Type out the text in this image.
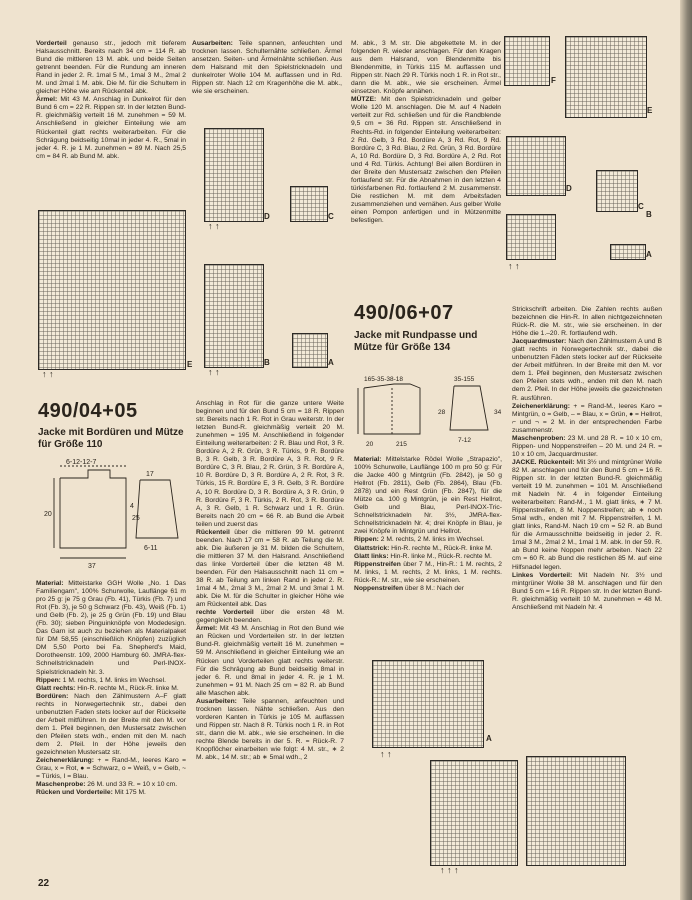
Vorderteil genauso str., jedoch mit tieferem Halsausschnitt. Bereits nach 34 cm = 114 R. ab Bund die mittleren 13 M. abk. und beide Seiten getrennt beenden. Für die Rundung am inneren Rand in jeder 2. R. 1mal 5 M., 1mal 3 M., 2mal 2 M. und 2mal 1 M. abk. Die M. für die Schultern in gleicher Höhe wie am Rückenteil abk.

Ärmel: Mit 43 M. Anschlag in Dunkelrot für den Bund 6 cm = 22 R. Rippen str. In der letzten Bund-R. gleichmäßig verteilt 16 M. zunehmen = 59 M. Anschließend in gleicher Einteilung wie am Rückenteil glatt rechts weiterarbeiten. Für die Schrägung beidseitig 10mal in jeder 4. R., 5mal in jeder 4. R. je 1 M. zunehmen = 89 M. Nach 25,5 cm = 84 R. ab Bund M. abk.

E
↑ ↑

Ausarbeiten: Teile spannen, anfeuchten und trocknen lassen. Schulternähte schließen. Ärmel ansetzen. Seiten- und Ärmelnähte schließen. Aus dem Halsrand mit den Spielstricknadeln und dunkelroter Wolle 104 M. auffassen und in Rd. Rippen str. Nach 12 cm Kragenhöhe die M. abk., wie sie erscheinen.

D	C
↑ ↑
B	A
↑ ↑

M. abk., 3 M. str. Die abgekettete M. in der folgenden R. wieder anschlagen. Für den Kragen aus dem Halsrand, von Blendenmitte bis Blendenmitte, in Türkis 115 M. auffassen und Rippen str. Nach 29 R. Türkis noch 1 R. in Rot str., dann die M. abk., wie sie erscheinen. Ärmel einsetzen. Knöpfe annähen.

MÜTZE: Mit den Spielstricknadeln und gelber Wolle 120 M. anschlagen. Die M. auf 4 Nadeln verteilt zur Rd. schließen und für die Randblende 9,5 cm = 36 Rd. Rippen str. Anschließend in Rechts-Rd. in folgender Einteilung weiterarbeiten: 2 Rd. Gelb, 3 Rd. Bordüre A, 3 Rd. Rot, 9 Rd. Bordüre C, 3 Rd. Blau, 2 Rd. Grün, 3 Rd. Bordüre A, 10 Rd. Bordüre D, 3 Rd. Bordüre A, 2 Rd. Rot und 4 Rd. Türkis. Achtung! Bei allen Bordüren in der Breite den Mustersatz zwischen den Pfeilen fortlaufend str. Für die Abnahmen in den letzten 4 türkisfarbenen Rd. fortlaufend 2 M. zusammenstr. Die restlichen M. mit dem Arbeitsfaden zusammenziehen und vernähen. Aus gelber Wolle einen Pompon anfertigen und in Mützenmitte befestigen.

F
E
D
C
B
A
↑ ↑
490/04+05
Jacke mit Bordüren und Mütze für Größe 110
6-12-12-7
17
20
4
37
25
6-11

Material: Mitteistarke GGH Wolle „No. 1 Das Familiengarn", 100% Schurwolle, Lauflänge 61 m pro 25 g: je 75 g Grau (Fb. 41), Türkis (Fb. 7) und Rot (Fb. 3), je 50 g Schwarz (Fb. 43), Weiß (Fb. 1) und Gelb (Fb. 2), je 25 g Grün (Fb. 19) und Blau (Fb. 30); sieben Pinguinknöpfe von Modedesign. Das Garn ist auch zu beziehen als Materialpaket für DM 58,55 (einschließlich Knöpfen) zuzüglich DM 5,50 Porto bei Fa. Shepherd's Maid, Dorotheenstr. 109, 2000 Hamburg 60. JMRA-flex-Schnellstricknadeln und Perl-INOX-Spielstricknadeln Nr. 3.

Rippen: 1 M. rechts, 1 M. links im Wechsel.

Glatt rechts: Hin-R. rechte M., Rück-R. linke M.

Bordüren: Nach den Zählmustern A–F glatt rechts in Norwegertechnik str., dabei den unbenutzten Faden stets locker auf der Rückseite der Arbeit mitführen. In der Breite mit den M. vor dem 1. Pfeil beginnen, den Mustersatz zwischen den Pfeilen stets wdh., enden mit den M. nach dem 2. Pfeil. In der Höhe jeweils den gezeichneten Mustersatz str.

Zeichenerklärung: + = Rand-M., leeres Karo = Grau, x = Rot, ● = Schwarz, o = Weiß, v = Gelb, ~ = Türkis, I = Blau.

Maschenprobe: 26 M. und 33 R. = 10 x 10 cm.

Rücken und Vorderteile: Mit 175 M.

Anschlag in Rot für die ganze untere Weite beginnen und für den Bund 5 cm = 18 R. Rippen str. Bereits nach 1 R. Rot in Grau weiterstr. In der letzten Bund-R. gleichmäßig verteilt 20 M. zunehmen = 195 M. Anschließend in folgender Einteilung weiterarbeiten: 2 R. Blau und Rot, 3 R. Bordüre A, 2 R. Grün, 3 R. Türkis, 9 R. Bordüre B, 3 R. Gelb, 3 R. Bordüre A, 3 R. Rot, 9 R. Bordüre C, 3 R. Blau, 2 R. Grün, 3 R. Bordüre A, 10 R. Bordüre D, 3 R. Bordüre A, 2 R. Rot, 3 R. Türkis, 15 R. Bordüre E, 3 R. Gelb, 3 R. Bordüre A, 10 R. Bordüre D, 3 R. Bordüre A, 3 R. Grün, 9 R. Bordüre F, 3 R. Türkis, 2 R. Rot, 3 R. Bordüre A, 3 R. Gelb, 1 R. Schwarz und 1 R. Grün. Bereits nach 20 cm = 66 R. ab Bund die Arbeit teilen und zuerst das

Rückenteil über die mittleren 99 M. getrennt beenden. Nach 17 cm = 58 R. ab Teilung die M. abk. Die äußeren je 31 M. bilden die Schultern, die mittleren 37 M. den Halsrand. Anschließend das linke Vorderteil über die letzten 48 M. beenden. Für den Halsausschnitt nach 11 cm = 38 R. ab Teilung am linken Rand in jeder 2. R. 1mal 4 M., 2mal 3 M., 2mal 2 M. und 3mal 1 M. abk. Die M. für die Schulter in gleicher Höhe wie am Rückenteil abk. Das

rechte Vorderteil über die ersten 48 M. gegengleich beenden.

Ärmel: Mit 43 M. Anschlag in Rot den Bund wie an Rücken und Vorderteilen str. In der letzten Bund-R. gleichmäßig verteilt 16 M. zunehmen = 59 M. Anschließend in gleicher Einteilung wie an Rücken und Vorderteilen glatt rechts weiterstr. Für die Schrägung ab Bund beidseitig 8mal in jeder 6. R. und 8mal in jeder 4. R. je 1 M. zunehmen = 91 M. Nach 25 cm = 82 R. ab Bund alle Maschen abk.

Ausarbeiten: Teile spannen, anfeuchten und trocknen lassen. Nähte schließen. Aus den vorderen Kanten in Türkis je 105 M. auffassen und Rippen str. Nach 8 R. Türkis noch 1 R. in Rot str., dann die M. abk., wie sie erscheinen. In die rechte Blende bereits in der 5. R. = Rück-R. 7 Knopflöcher einarbeiten wie folgt: 4 M. str., ∗ 2 M. abk., 14 M. str.; ab ∗ 5mal wdh., 2

490/06+07
Jacke mit Rundpasse und Mütze für Größe 134
165-35-38-18	35-155
20	215
34
28
7-12

Material: Mittelstarke Rödel Wolle „Strapazio", 100% Schurwolle, Lauflänge 100 m pro 50 g: Für die Jacke 400 g Mintgrün (Fb. 2842), je 50 g Hellrot (Fb. 2811), Gelb (Fb. 2864), Blau (Fb. 2878) und ein Rest Grün (Fb. 2847), für die Mütze ca. 100 g Mintgrün, je ein Rest Hellrot, Gelb und Blau, Perl-INOX-Tric-Schnellstricknadeln Nr. 3½, JMRA-flex-Schnellstricknadeln Nr. 4; drei Knöpfe in Blau, je zwei Knöpfe in Mintgrün und Hellrot.

Rippen: 2 M. rechts, 2 M. links im Wechsel.

Glattstrick: Hin-R. rechte M., Rück-R. linke M.

Glatt links: Hin-R. linke M., Rück-R. rechte M.

Rippenstreifen über 7 M., Hin-R.: 1 M. rechts, 2 M. links, 1 M. rechts, 2 M. links, 1 M. rechts. Rück-R.: M. str., wie sie erscheinen.

Noppenstreifen über 8 M.: Nach der

A
↑ ↑
↑ ↑ ↑

Strickschrift arbeiten. Die Zahlen rechts außen bezeichnen die Hin-R. In allen nichtgezeichneten Rück-R. die M. str., wie sie erscheinen. In der Höhe die 1.–20. R. fortlaufend wdh.

Jacquardmuster: Nach den Zählmustern A und B glatt rechts in Norwegertechnik str., dabei die unbenutzten Fäden stets locker auf der Rückseite der Arbeit mitführen. In der Breite mit den M. vor dem 1. Pfeil beginnen, den Mustersatz zwischen den Pfeilen stets wdh., enden mit den M. nach dem 2. Pfeil. In der Höhe jeweils die gezeichneten R. ausführen.

Zeichenerklärung: + = Rand-M., leeres Karo = Mintgrün, o = Gelb, – = Blau, x = Grün, ● = Hellrot, ⌐ und ¬ = 2 M. in der entsprechenden Farbe zusammenstr.

Maschenproben: 23 M. und 28 R. = 10 x 10 cm, Rippen- und Noppenstreifen – 20 M. und 24 R. = 10 x 10 cm, Jacquardmuster.

JACKE. Rückenteil: Mit 3½ und mintgrüner Wolle 82 M. anschlagen und für den Bund 5 cm = 16 R. Rippen str. In der letzten Bund-R. gleichmäßig verteilt 19 M. zunehmen = 101 M. Anschließend mit Nadeln Nr. 4 in folgender Einteilung weiterarbeiten: Rand-M., 1 M. glatt links, ∗ 7 M. Rippenstreifen, 8 M. Noppenstreifen; ab ∗ noch 5mal wdh., enden mit 7 M. Rippenstreifen, 1 M. glatt links, Rand-M. Nach 19 cm = 52 R. ab Bund für die Armausschnitte beidseitig in jeder 2. R. 1mal 3 M., 2mal 2 M., 1mal 1 M. abk. In der 59. R. ab Bund keine Noppen mehr arbeiten. Nach 22 cm = 60 R. ab Bund die restlichen 85 M. auf eine Hilfsnadel legen.

Linkes Vorderteil: Mit Nadeln Nr. 3½ und mintgrüner Wolle 38 M. anschlagen und für den Bund 5 cm = 16 R. Rippen str. In der letzten Bund-R. gleichmäßig verteilt 10 M. zunehmen = 48 M. Anschließend mit Nadeln Nr. 4

22
